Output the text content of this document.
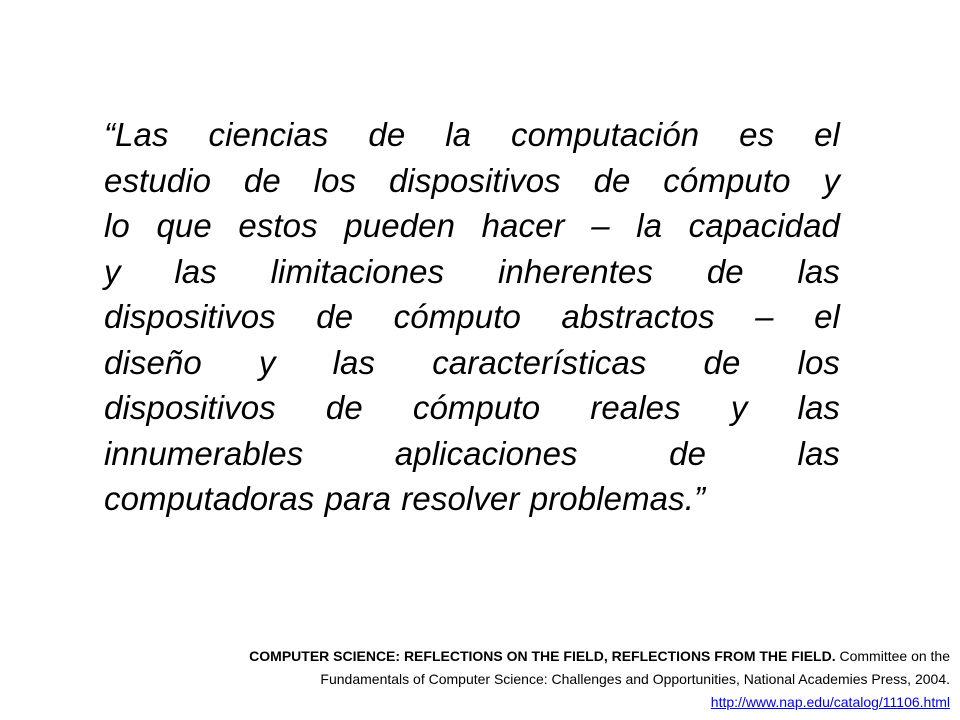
“Las ciencias de la computación es el
estudio de los dispositivos de cómputo y
lo que estos pueden hacer – la capacidad
y las limitaciones inherentes de las
dispositivos de cómputo abstractos – el
diseño y las características de los
dispositivos de cómputo reales y las
innumerables aplicaciones de las
computadoras para resolver problemas.”

COMPUTER SCIENCE: REFLECTIONS ON THE FIELD, REFLECTIONS FROM THE FIELD. Committee on the
Fundamentals of Computer Science: Challenges and Opportunities, National Academies Press, 2004.
http://www.nap.edu/catalog/11106.html
